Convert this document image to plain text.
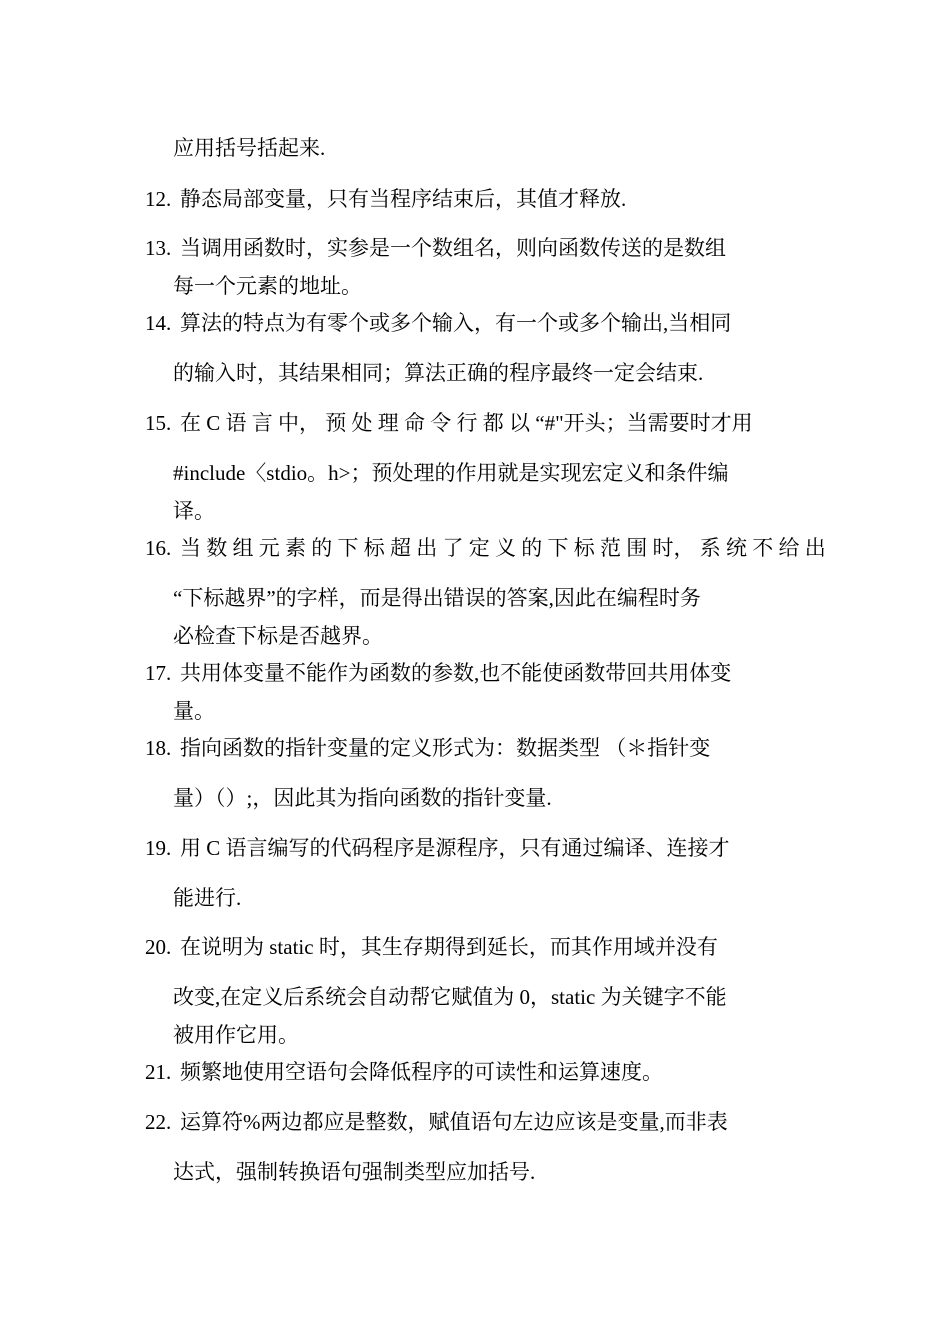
应用括号括起来.
12. 静态局部变量，只有当程序结束后，其值才释放.
13. 当调用函数时，实参是一个数组名，则向函数传送的是数组
每一个元素的地址。
14. 算法的特点为有零个或多个输入，有一个或多个输出,当相同
的输入时，其结果相同；算法正确的程序最终一定会结束.
15. 在 C 语 言 中， 预 处 理 命 令 行 都 以 “#"开头；当需要时才用
#include〈stdio。h>；预处理的作用就是实现宏定义和条件编
译。
16. 当 数 组 元 素 的 下 标 超 出 了 定 义 的 下 标 范 围 时， 系 统 不 给 出
“下标越界”的字样，而是得出错误的答案,因此在编程时务
必检查下标是否越界。
17. 共用体变量不能作为函数的参数,也不能使函数带回共用体变
量。
18. 指向函数的指针变量的定义形式为：数据类型 （＊指针变
量）（）;，因此其为指向函数的指针变量.
19. 用 C 语言编写的代码程序是源程序，只有通过编译、连接才
能进行.
20. 在说明为 static 时，其生存期得到延长，而其作用域并没有
改变,在定义后系统会自动帮它赋值为 0，static 为关键字不能
被用作它用。
21. 频繁地使用空语句会降低程序的可读性和运算速度。
22. 运算符%两边都应是整数，赋值语句左边应该是变量,而非表
达式，强制转换语句强制类型应加括号.
